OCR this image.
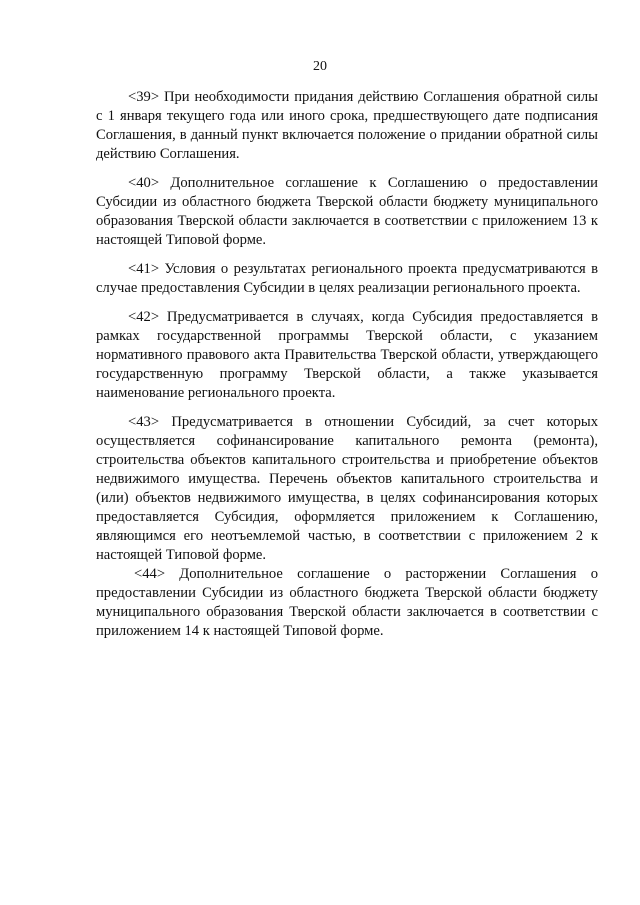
20

<39> При необходимости придания действию Соглашения обратной силы с 1 января текущего года или иного срока, предшествующего дате подписания Соглашения, в данный пункт включается положение о придании обратной силы действию Соглашения.

<40> Дополнительное соглашение к Соглашению о предоставлении Субсидии из областного бюджета Тверской области бюджету муниципального образования Тверской области заключается в соответствии с приложением 13 к настоящей Типовой форме.

<41> Условия о результатах регионального проекта предусматриваются в случае предоставления Субсидии в целях реализации регионального проекта.

<42> Предусматривается в случаях, когда Субсидия предоставляется в рамках государственной программы Тверской области, с указанием нормативного правового акта Правительства Тверской области, утверждающего государственную программу Тверской области, а также указывается наименование регионального проекта.

<43> Предусматривается в отношении Субсидий, за счет которых осуществляется софинансирование капитального ремонта (ремонта), строительства объектов капитального строительства и приобретение объектов недвижимого имущества. Перечень объектов капитального строительства и (или) объектов недвижимого имущества, в целях софинансирования которых предоставляется Субсидия, оформляется приложением к Соглашению, являющимся его неотъемлемой частью, в соответствии с приложением 2 к настоящей Типовой форме.

<44> Дополнительное соглашение о расторжении Соглашения о предоставлении Субсидии из областного бюджета Тверской области бюджету муниципального образования Тверской области заключается в соответствии с приложением 14 к настоящей Типовой форме.
